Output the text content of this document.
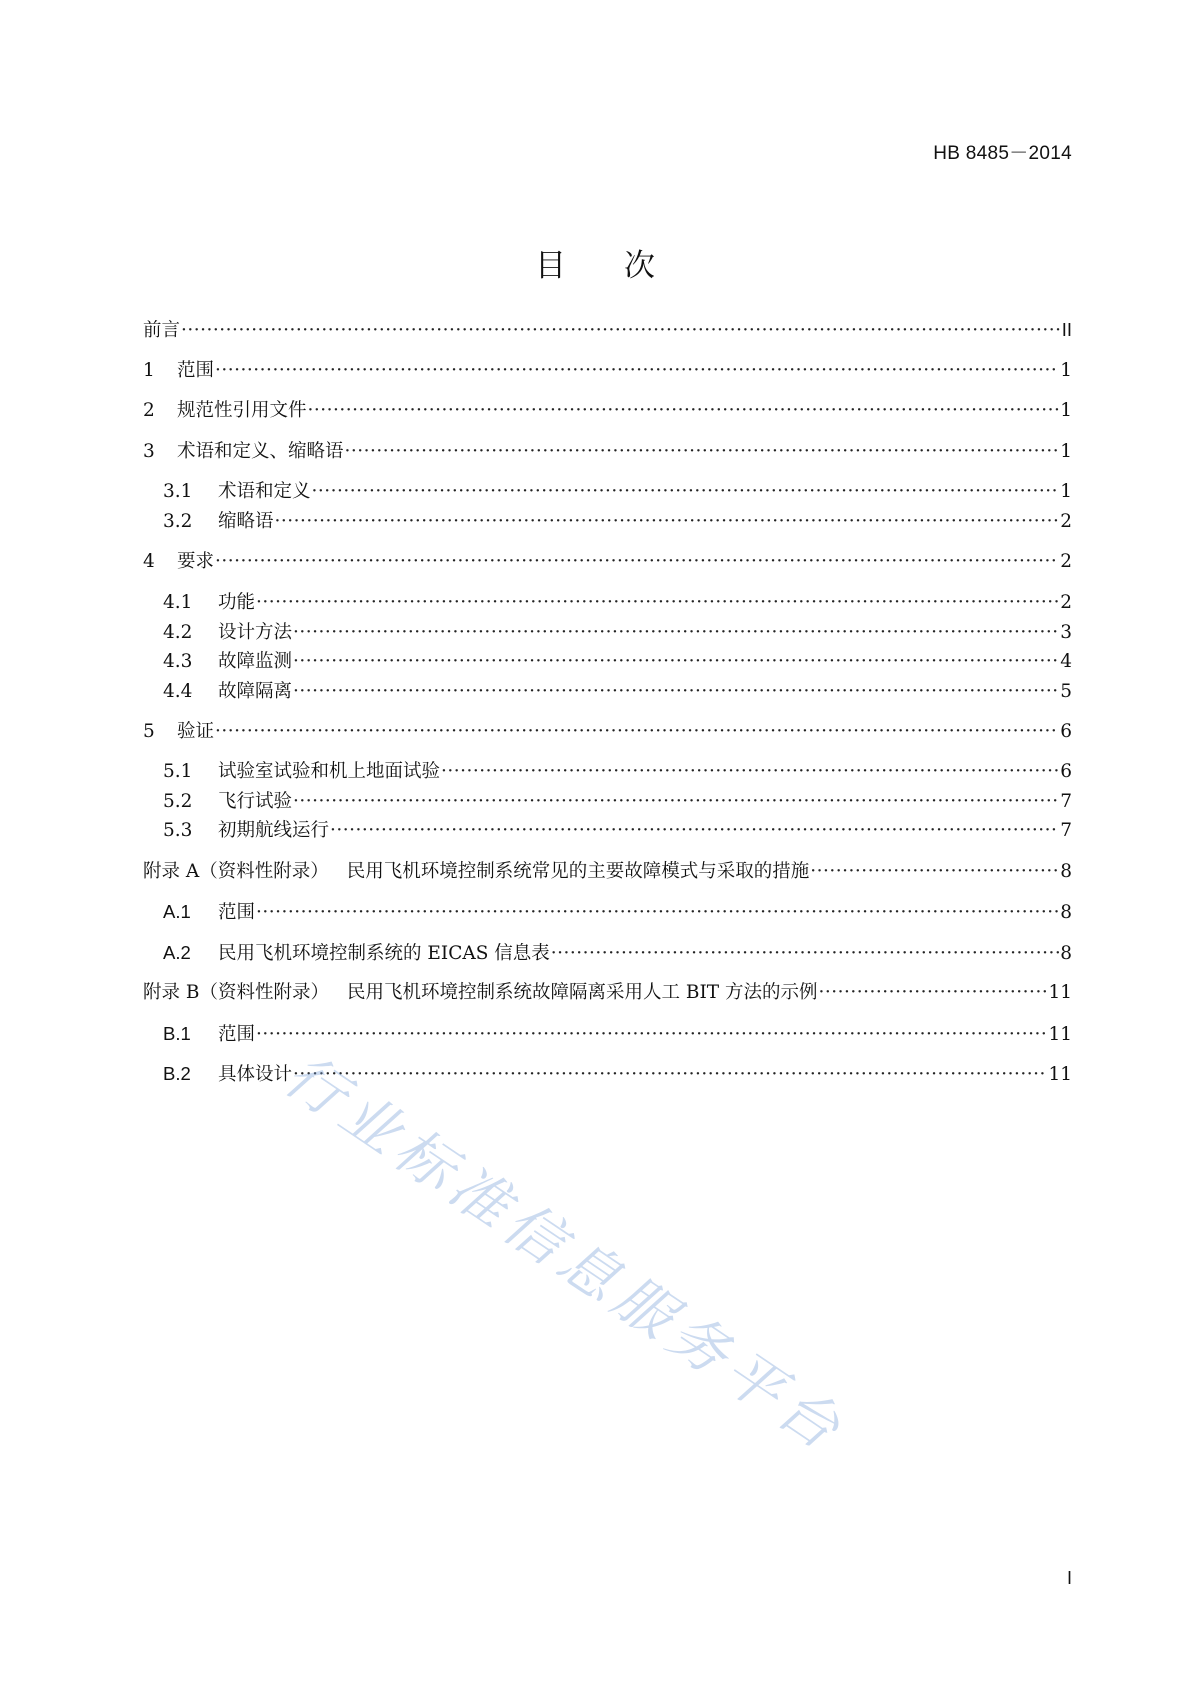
HB 8485－2014
目 次
前言 ·····	II
1	范围 ·····	1
2	规范性引用文件 ·····	1
3	术语和定义、缩略语 ·····	1
3.1	术语和定义 ·····	1
3.2	缩略语 ·····	2
4	要求 ·····	2
4.1	功能 ·····	2
4.2	设计方法 ·····	3
4.3	故障监测 ·····	4
4.4	故障隔离 ·····	5
5	验证 ·····	6
5.1	试验室试验和机上地面试验 ·····	6
5.2	飞行试验 ·····	7
5.3	初期航线运行 ·····	7
附录 A（资料性附录） 民用飞机环境控制系统常见的主要故障模式与采取的措施 ·····	8
A.1	范围 ·····	8
A.2	民用飞机环境控制系统的 EICAS 信息表 ·····	8
附录 B（资料性附录） 民用飞机环境控制系统故障隔离采用人工 BIT 方法的示例 ·····	11
B.1	范围 ·····	11
B.2	具体设计 ·····	11
行业标准信息服务平台
I
